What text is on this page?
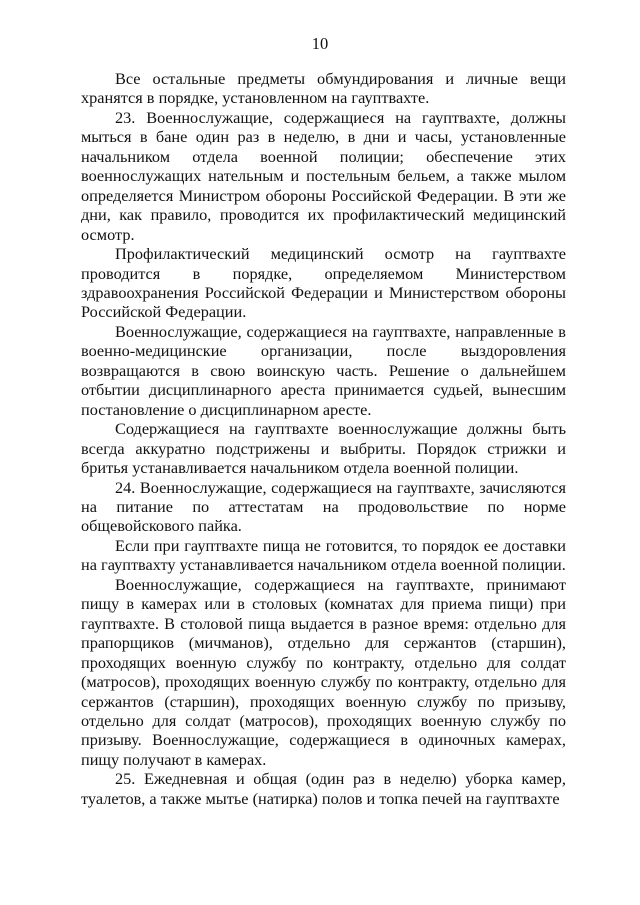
10

Все остальные предметы обмундирования и личные вещи хранятся в порядке, установленном на гауптвахте.

23. Военнослужащие, содержащиеся на гауптвахте, должны мыться в бане один раз в неделю, в дни и часы, установленные начальником отдела военной полиции; обеспечение этих военнослужащих нательным и постельным бельем, а также мылом определяется Министром обороны Российской Федерации. В эти же дни, как правило, проводится их профилактический медицинский осмотр.

Профилактический медицинский осмотр на гауптвахте проводится в порядке, определяемом Министерством здравоохранения Российской Федерации и Министерством обороны Российской Федерации.

Военнослужащие, содержащиеся на гауптвахте, направленные в военно-медицинские организации, после выздоровления возвращаются в свою воинскую часть. Решение о дальнейшем отбытии дисциплинарного ареста принимается судьей, вынесшим постановление о дисциплинарном аресте.

Содержащиеся на гауптвахте военнослужащие должны быть всегда аккуратно подстрижены и выбриты. Порядок стрижки и бритья устанавливается начальником отдела военной полиции.

24. Военнослужащие, содержащиеся на гауптвахте, зачисляются на питание по аттестатам на продовольствие по норме общевойскового пайка.

Если при гауптвахте пища не готовится, то порядок ее доставки на гауптвахту устанавливается начальником отдела военной полиции.

Военнослужащие, содержащиеся на гауптвахте, принимают пищу в камерах или в столовых (комнатах для приема пищи) при гауптвахте. В столовой пища выдается в разное время: отдельно для прапорщиков (мичманов), отдельно для сержантов (старшин), проходящих военную службу по контракту, отдельно для солдат (матросов), проходящих военную службу по контракту, отдельно для сержантов (старшин), проходящих военную службу по призыву, отдельно для солдат (матросов), проходящих военную службу по призыву. Военнослужащие, содержащиеся в одиночных камерах, пищу получают в камерах.

25. Ежедневная и общая (один раз в неделю) уборка камер, туалетов, а также мытье (натирка) полов и топка печей на гауптвахте
